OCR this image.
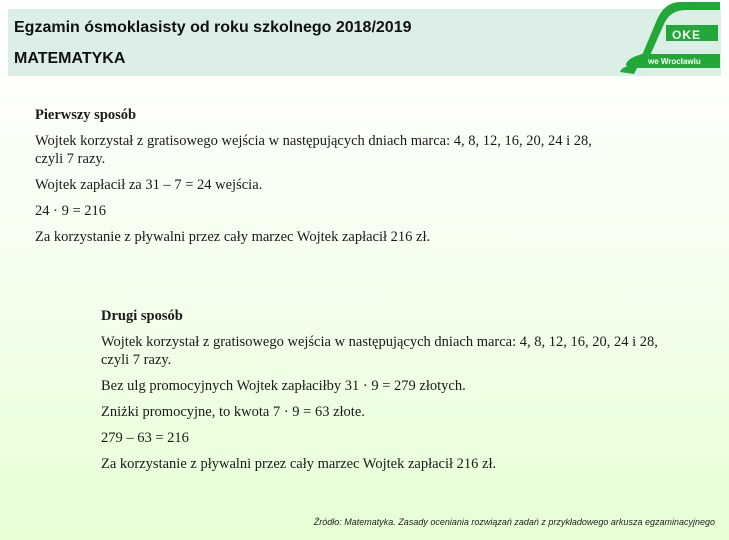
Egzamin ósmoklasisty od roku szkolnego 2018/2019
MATEMATYKA
OKE
we Wrocławiu
Pierwszy sposób

Wojtek korzystał z gratisowego wejścia w następujących dniach marca: 4, 8, 12, 16, 20, 24 i 28,
czyli 7 razy.

Wojtek zapłacił za 31 – 7 = 24 wejścia.

24 · 9 = 216

Za korzystanie z pływalni przez cały marzec Wojtek zapłacił 216 zł.

Drugi sposób

Wojtek korzystał z gratisowego wejścia w następujących dniach marca: 4, 8, 12, 16, 20, 24 i 28,
czyli 7 razy.

Bez ulg promocyjnych Wojtek zapłaciłby 31 · 9 = 279 złotych.

Zniżki promocyjne, to kwota 7 · 9 = 63 złote.

279 – 63 = 216

Za korzystanie z pływalni przez cały marzec Wojtek zapłacił 216 zł.

Źródło: Matematyka. Zasady oceniania rozwiązań zadań z przykładowego arkusza egzaminacyjnego
